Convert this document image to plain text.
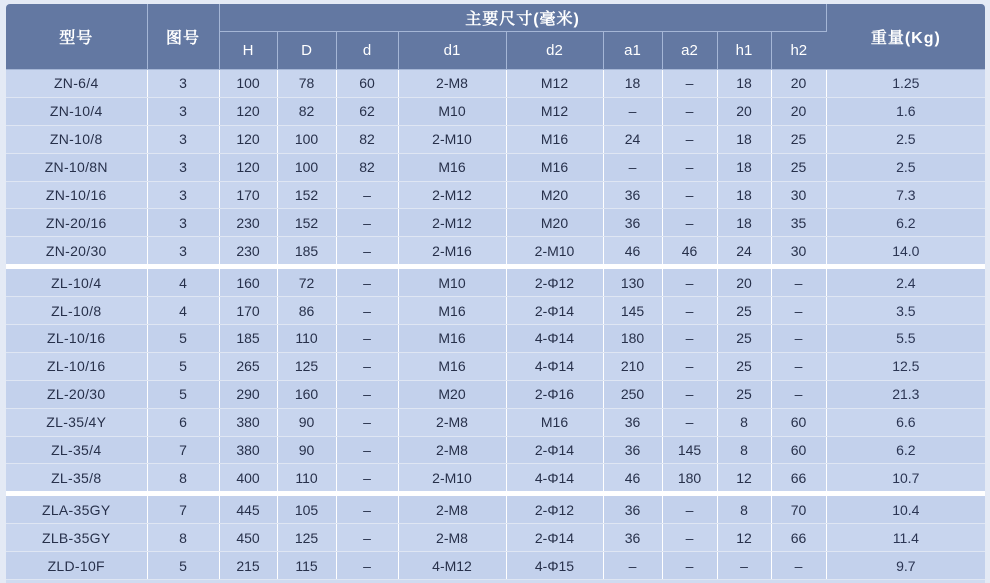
型号	图号	主要尺寸(毫米)									重量(Kg)
		H	D	d	d1	d2	a1	a2	h1	h2	
ZN-6/4	3	100	78	60	2-M8	M12	18	–	18	20	1.25
ZN-10/4	3	120	82	62	M10	M12	–	–	20	20	1.6
ZN-10/8	3	120	100	82	2-M10	M16	24	–	18	25	2.5
ZN-10/8N	3	120	100	82	M16	M16	–	–	18	25	2.5
ZN-10/16	3	170	152	–	2-M12	M20	36	–	18	30	7.3
ZN-20/16	3	230	152	–	2-M12	M20	36	–	18	35	6.2
ZN-20/30	3	230	185	–	2-M16	2-M10	46	46	24	30	14.0
ZL-10/4	4	160	72	–	M10	2-Φ12	130	–	20	–	2.4
ZL-10/8	4	170	86	–	M16	2-Φ14	145	–	25	–	3.5
ZL-10/16	5	185	110	–	M16	4-Φ14	180	–	25	–	5.5
ZL-10/16	5	265	125	–	M16	4-Φ14	210	–	25	–	12.5
ZL-20/30	5	290	160	–	M20	2-Φ16	250	–	25	–	21.3
ZL-35/4Y	6	380	90	–	2-M8	M16	36	–	8	60	6.6
ZL-35/4	7	380	90	–	2-M8	2-Φ14	36	145	8	60	6.2
ZL-35/8	8	400	110	–	2-M10	4-Φ14	46	180	12	66	10.7
ZLA-35GY	7	445	105	–	2-M8	2-Φ12	36	–	8	70	10.4
ZLB-35GY	8	450	125	–	2-M8	2-Φ14	36	–	12	66	11.4
ZLD-10F	5	215	115	–	4-M12	4-Φ15	–	–	–	–	9.7
